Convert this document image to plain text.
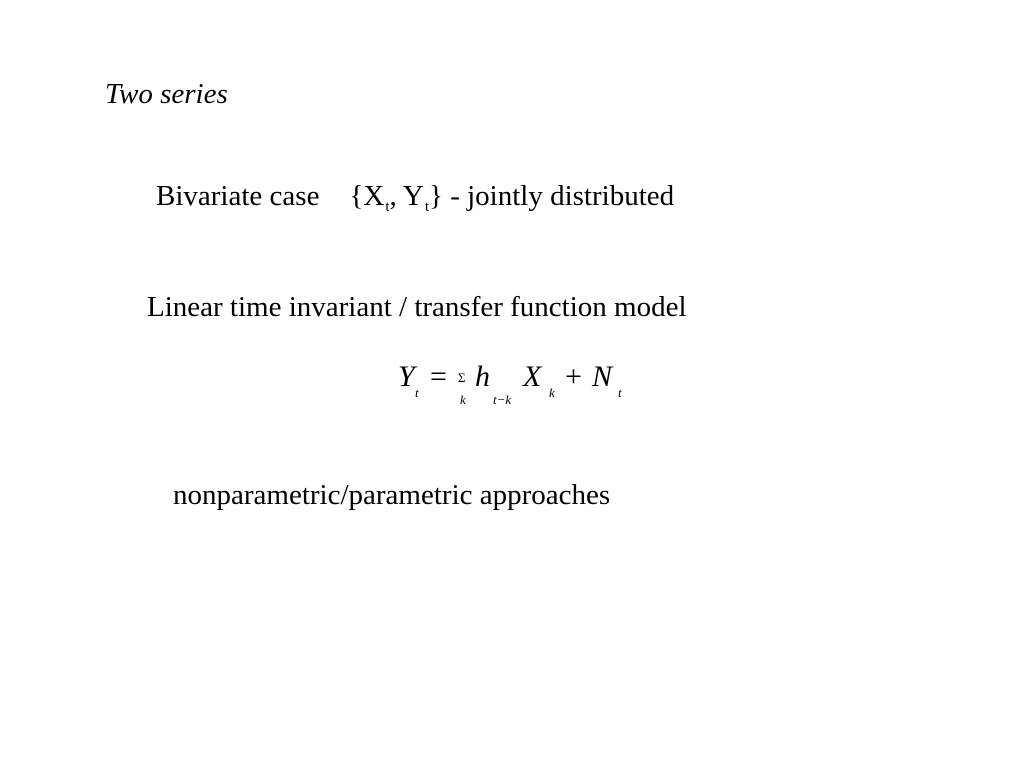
Two series
Bivariate case {$X_t$, $Y_t$} - jointly distributed
Linear time invariant / transfer function model
Y t = Σ
k
h
t−k
X k + N t
nonparametric/parametric approaches
